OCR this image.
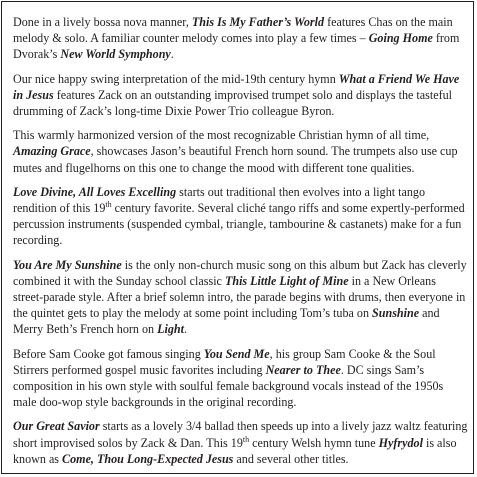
Done in a lively bossa nova manner, This Is My Father’s World features Chas on the main melody & solo. A familiar counter melody comes into play a few times – Going Home from Dvorak’s New World Symphony.

Our nice happy swing interpretation of the mid-19th century hymn What a Friend We Have in Jesus features Zack on an outstanding improvised trumpet solo and displays the tasteful drumming of Zack’s long-time Dixie Power Trio colleague Byron.

This warmly harmonized version of the most recognizable Christian hymn of all time, Amazing Grace, showcases Jason’s beautiful French horn sound. The trumpets also use cup mutes and flugelhorns on this one to change the mood with different tone qualities.

Love Divine, All Loves Excelling starts out traditional then evolves into a light tango rendition of this 19th century favorite. Several cliché tango riffs and some expertly-performed percussion instruments (suspended cymbal, triangle, tambourine & castanets) make for a fun recording.

You Are My Sunshine is the only non-church music song on this album but Zack has cleverly combined it with the Sunday school classic This Little Light of Mine in a New Orleans street-parade style. After a brief solemn intro, the parade begins with drums, then everyone in the quintet gets to play the melody at some point including Tom’s tuba on Sunshine and Merry Beth’s French horn on Light.

Before Sam Cooke got famous singing You Send Me, his group Sam Cooke & the Soul Stirrers performed gospel music favorites including Nearer to Thee. DC sings Sam’s composition in his own style with soulful female background vocals instead of the 1950s male doo-wop style backgrounds in the original recording.

Our Great Savior starts as a lovely 3/4 ballad then speeds up into a lively jazz waltz featuring short improvised solos by Zack & Dan. This 19th century Welsh hymn tune Hyfrydol is also known as Come, Thou Long-Expected Jesus and several other titles.
